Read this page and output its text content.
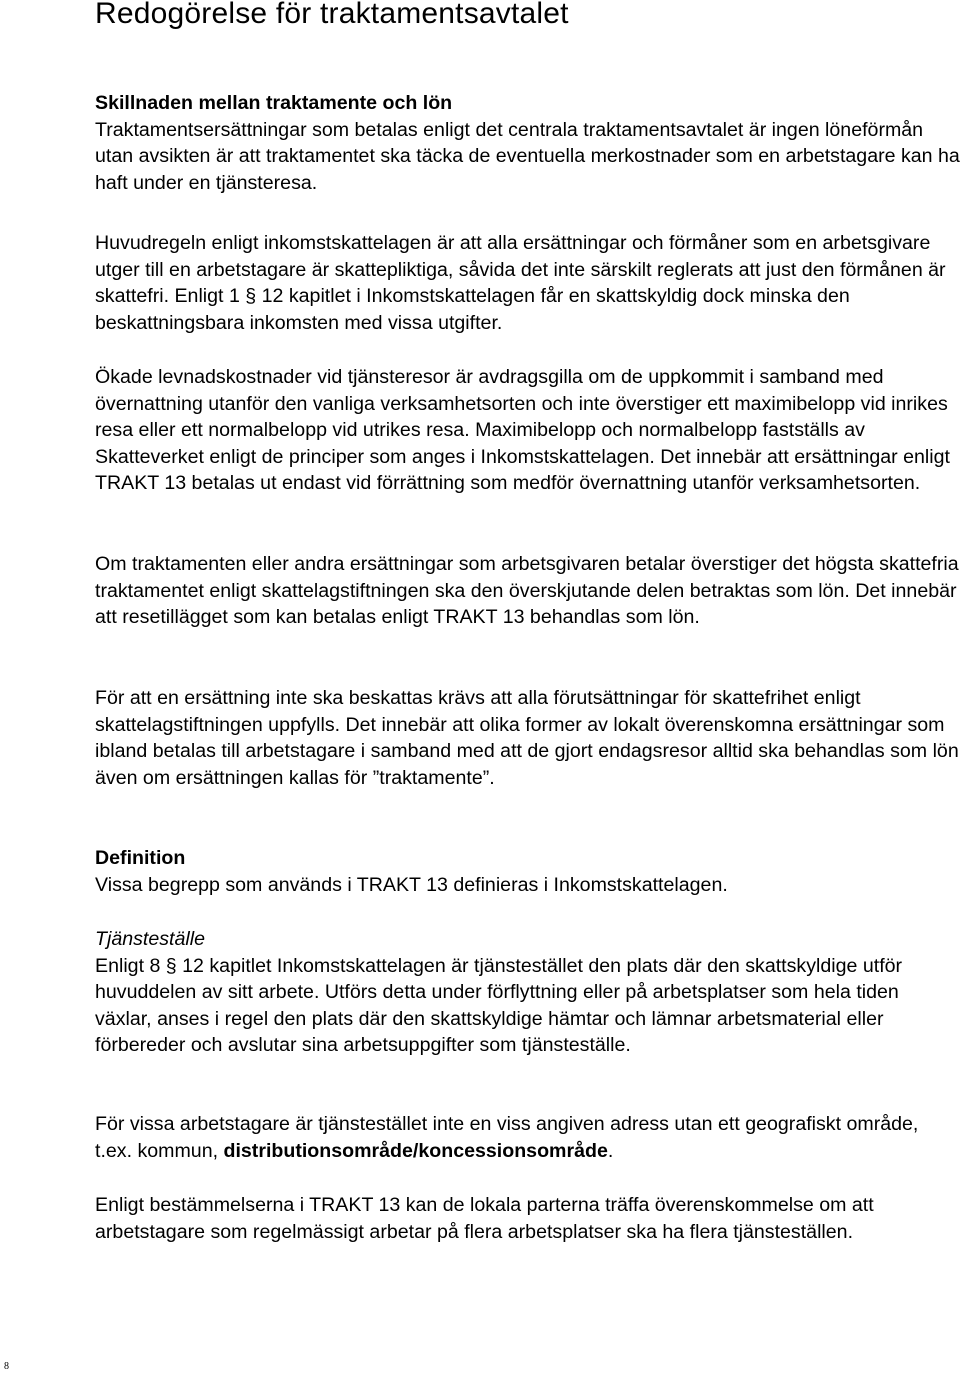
Redogörelse för traktamentsavtalet

Skillnaden mellan traktamente och lön

Traktamentsersättningar som betalas enligt det centrala traktamentsavtalet är ingen löneförmån utan avsikten är att traktamentet ska täcka de eventuella merkostnader som en arbetstagare kan ha haft under en tjänsteresa.

Huvudregeln enligt inkomstskattelagen är att alla ersättningar och förmåner som en arbetsgivare utger till en arbetstagare är skattepliktiga, såvida det inte särskilt reglerats att just den förmånen är skattefri. Enligt 1 § 12 kapitlet i Inkomstskattelagen får en skattskyldig dock minska den beskattningsbara inkomsten med vissa utgifter.

Ökade levnadskostnader vid tjänsteresor är avdragsgilla om de uppkommit i samband med övernattning utanför den vanliga verksamhetsorten och inte överstiger ett maximibelopp vid inrikes resa eller ett normalbelopp vid utrikes resa. Maximibelopp och normalbelopp fastställs av Skatteverket enligt de principer som anges i Inkomstskattelagen. Det innebär att ersättningar enligt TRAKT 13 betalas ut endast vid förrättning som medför övernattning utanför verksamhetsorten.

Om traktamenten eller andra ersättningar som arbetsgivaren betalar överstiger det högsta skattefria traktamentet enligt skattelagstiftningen ska den överskjutande delen betraktas som lön. Det innebär att resetillägget som kan betalas enligt TRAKT 13 behandlas som lön.

För att en ersättning inte ska beskattas krävs att alla förutsättningar för skattefrihet enligt skattelagstiftningen uppfylls. Det innebär att olika former av lokalt överenskomna ersättningar som ibland betalas till arbetstagare i samband med att de gjort endagsresor alltid ska behandlas som lön även om ersättningen kallas för ”traktamente”.

Definition

Vissa begrepp som används i TRAKT 13 definieras i Inkomstskattelagen.

Tjänsteställe

Enligt 8 § 12 kapitlet Inkomstskattelagen är tjänstestället den plats där den skattskyldige utför huvuddelen av sitt arbete. Utförs detta under förflyttning eller på arbetsplatser som hela tiden växlar, anses i regel den plats där den skattskyldige hämtar och lämnar arbetsmaterial eller förbereder och avslutar sina arbetsuppgifter som tjänsteställe.

För vissa arbetstagare är tjänstestället inte en viss angiven adress utan ett geografiskt område, t.ex. kommun, distributionsområde/koncessionsområde.

Enligt bestämmelserna i TRAKT 13 kan de lokala parterna träffa överenskommelse om att arbetstagare som regelmässigt arbetar på flera arbetsplatser ska ha flera tjänsteställen.

8
